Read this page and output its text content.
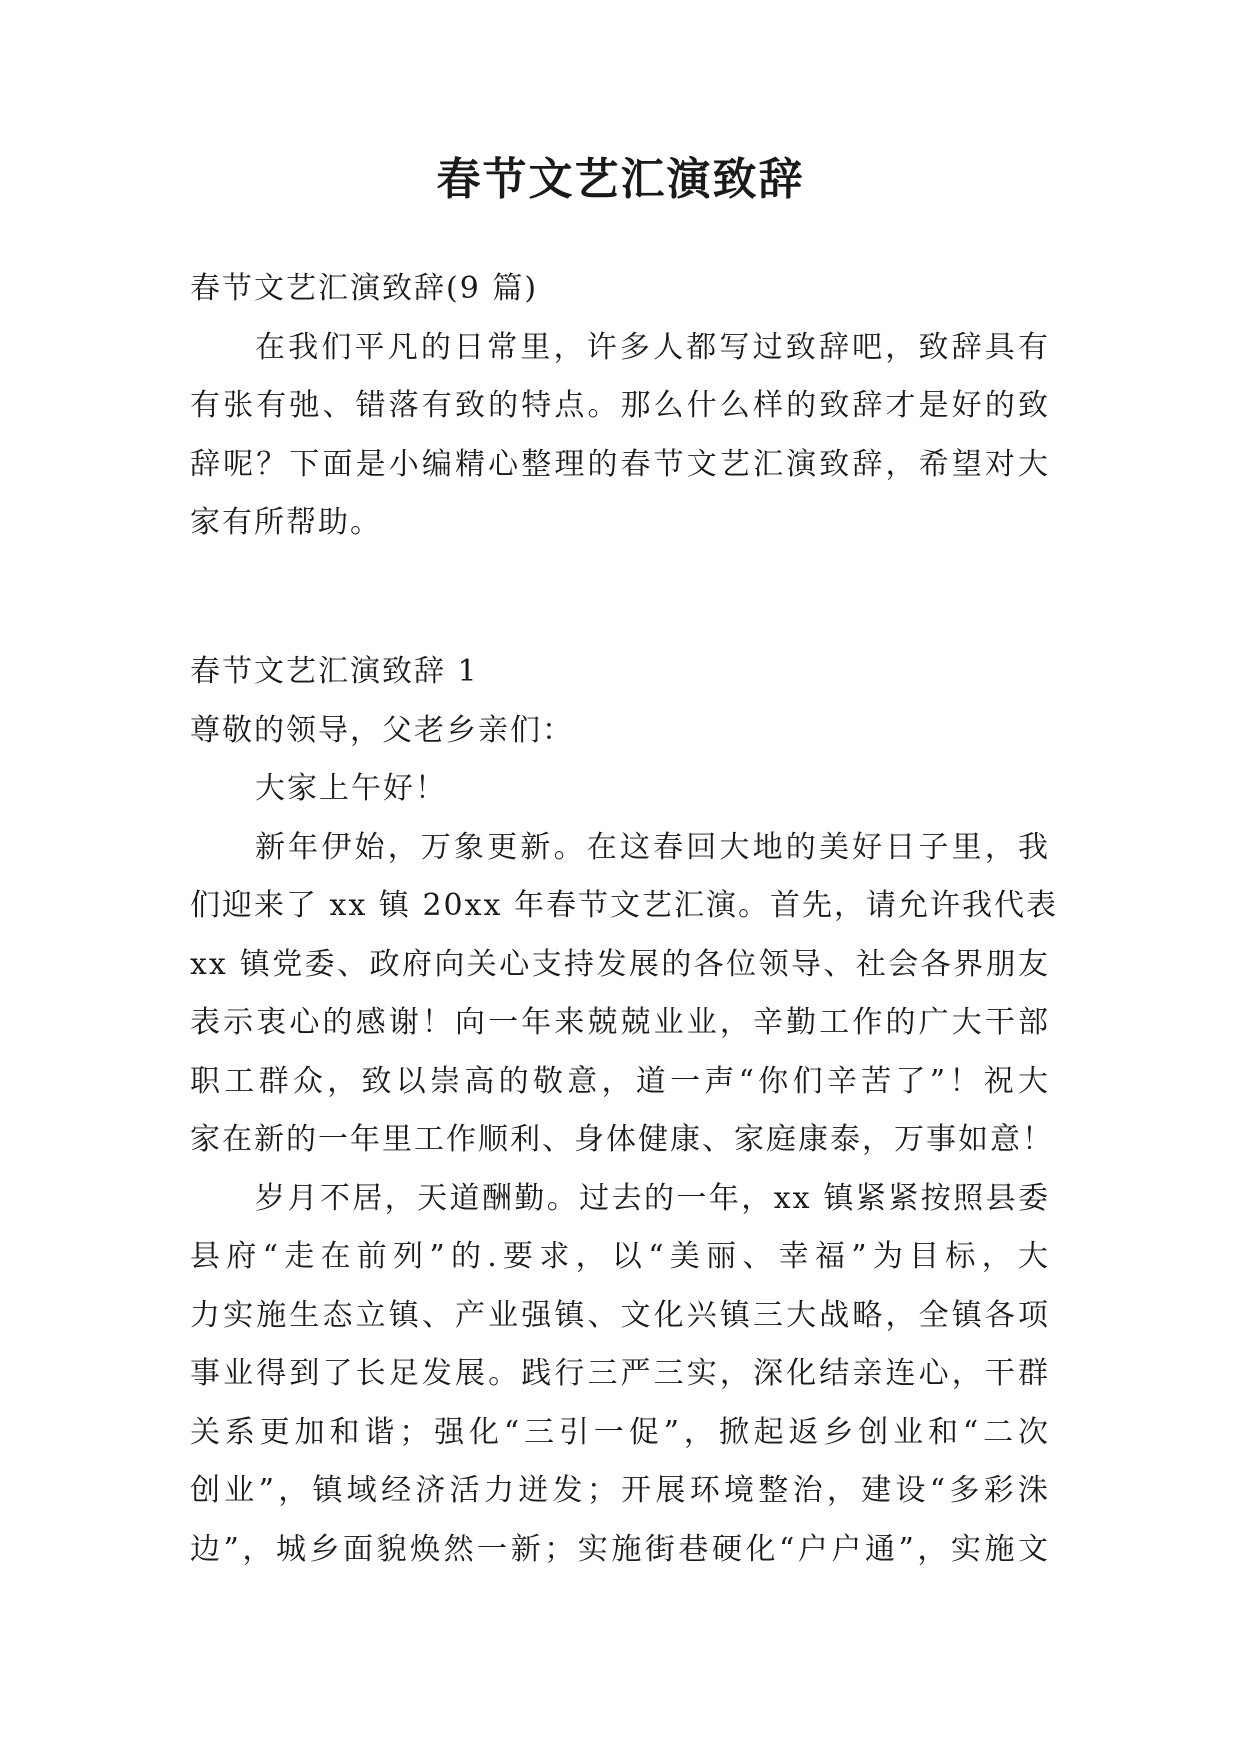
春节文艺汇演致辞

春节文艺汇演致辞(9 篇)

在我们平凡的日常里，许多人都写过致辞吧，致辞具有

有张有弛、错落有致的特点。那么什么样的致辞才是好的致

辞呢？下面是小编精心整理的春节文艺汇演致辞，希望对大

家有所帮助。

春节文艺汇演致辞 1

尊敬的领导，父老乡亲们：

大家上午好！

新年伊始，万象更新。在这春回大地的美好日子里，我

们迎来了 xx 镇 20xx 年春节文艺汇演。首先，请允许我代表

xx 镇党委、政府向关心支持发展的各位领导、社会各界朋友

表示衷心的感谢！向一年来兢兢业业，辛勤工作的广大干部

职工群众，致以崇高的敬意，道一声“你们辛苦了”！祝大

家在新的一年里工作顺利、身体健康、家庭康泰，万事如意！

岁月不居，天道酬勤。过去的一年，xx 镇紧紧按照县委

县府“走在前列”的.要求，以“美丽、幸福”为目标，大

力实施生态立镇、产业强镇、文化兴镇三大战略，全镇各项

事业得到了长足发展。践行三严三实，深化结亲连心，干群

关系更加和谐；强化“三引一促”，掀起返乡创业和“二次

创业”，镇域经济活力迸发；开展环境整治，建设“多彩洙

边”，城乡面貌焕然一新；实施街巷硬化“户户通”，实施文
